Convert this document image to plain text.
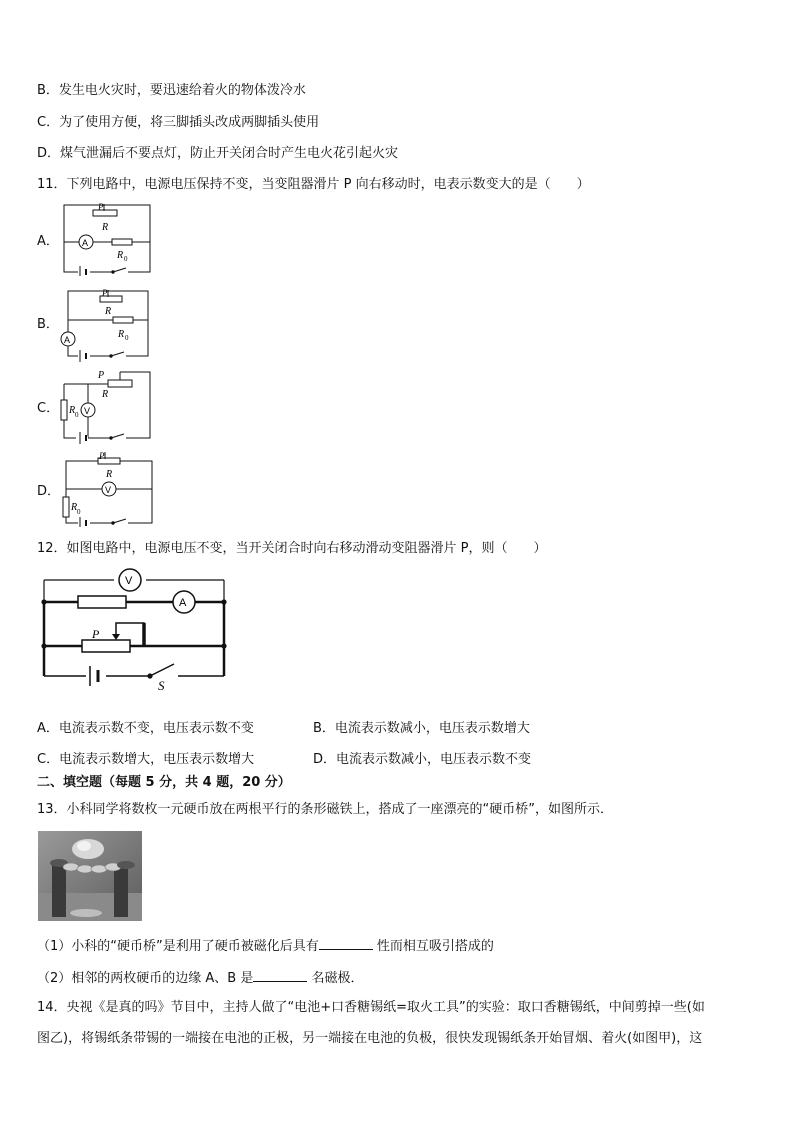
B．发生电火灾时，要迅速给着火的物体泼冷水
C．为了使用方便，将三脚插头改成两脚插头使用
D．煤气泄漏后不要点灯，防止开关闭合时产生电火花引起火灾
11．下列电路中，电源电压保持不变，当变阻器滑片 P 向右移动时，电表示数变大的是（　　）
A．
P
R
A
R 0
B．
P
R
A	R 0
C．
P
R
V
R 0
D．
P
R
V
R 0
12．如图电路中，电源电压不变，当开关闭合时向右移动滑动变阻器滑片 P，则（　　）
V
A
P
S
A．电流表示数不变，电压表示数不变	B．电流表示数减小，电压表示数增大
C．电流表示数增大，电压表示数增大	D．电流表示数减小，电压表示数不变
二、填空题（每题 5 分，共 4 题，20 分）
13．小科同学将数枚一元硬币放在两根平行的条形磁铁上，搭成了一座漂亮的“硬币桥”，如图所示．
（1）小科的“硬币桥”是利用了硬币被磁化后具有	性而相互吸引搭成的
（2）相邻的两枚硬币的边缘 A、B 是	名磁极．
14．央视《是真的吗》节目中，主持人做了“电池+口香糖锡纸=取火工具”的实验：取口香糖锡纸，中间剪掉一些(如
图乙)，将锡纸条带锡的一端接在电池的正极，另一端接在电池的负极，很快发现锡纸条开始冒烟、着火(如图甲)，这
